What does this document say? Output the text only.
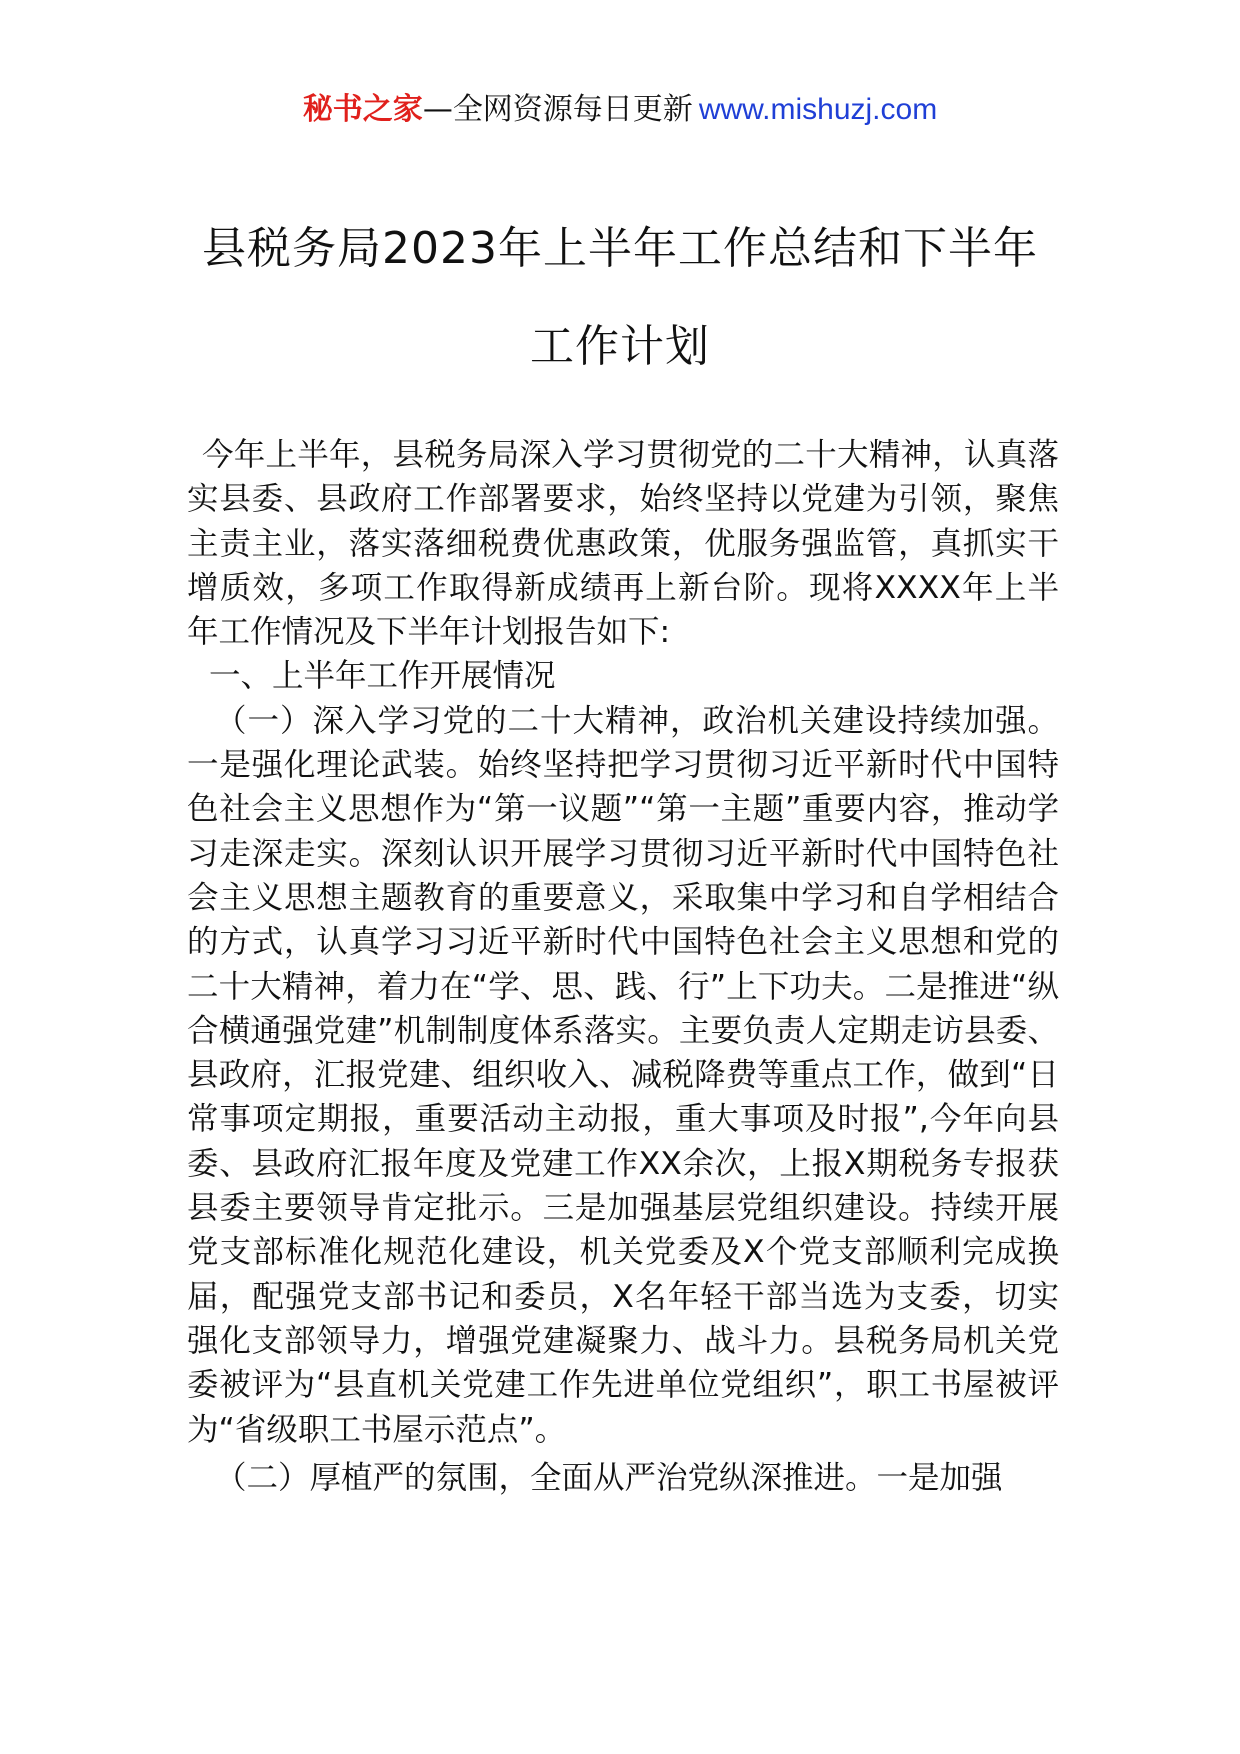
秘书之家—全网资源每日更新 www.mishuzj.com
县税务局2023年上半年工作总结和下半年
工作计划

今年上半年，县税务局深入学习贯彻党的二十大精神，认真落实县委、县政府工作部署要求，始终坚持以党建为引领，聚焦主责主业，落实落细税费优惠政策，优服务强监管，真抓实干增质效，多项工作取得新成绩再上新台阶。现将XXXX年上半年工作情况及下半年计划报告如下:

一、上半年工作开展情况

（一）深入学习党的二十大精神，政治机关建设持续加强。一是强化理论武装。始终坚持把学习贯彻习近平新时代中国特色社会主义思想作为“第一议题”“第一主题”重要内容，推动学习走深走实。深刻认识开展学习贯彻习近平新时代中国特色社会主义思想主题教育的重要意义，采取集中学习和自学相结合的方式，认真学习习近平新时代中国特色社会主义思想和党的二十大精神，着力在“学、思、践、行”上下功夫。二是推进“纵合横通强党建”机制制度体系落实。主要负责人定期走访县委、县政府，汇报党建、组织收入、减税降费等重点工作，做到“日常事项定期报，重要活动主动报，重大事项及时报”,今年向县委、县政府汇报年度及党建工作XX余次，上报X期税务专报获县委主要领导肯定批示。三是加强基层党组织建设。持续开展党支部标准化规范化建设，机关党委及X个党支部顺利完成换届，配强党支部书记和委员，X名年轻干部当选为支委，切实强化支部领导力，增强党建凝聚力、战斗力。县税务局机关党委被评为“县直机关党建工作先进单位党组织”，职工书屋被评为“省级职工书屋示范点”。

（二）厚植严的氛围，全面从严治党纵深推进。一是加强
